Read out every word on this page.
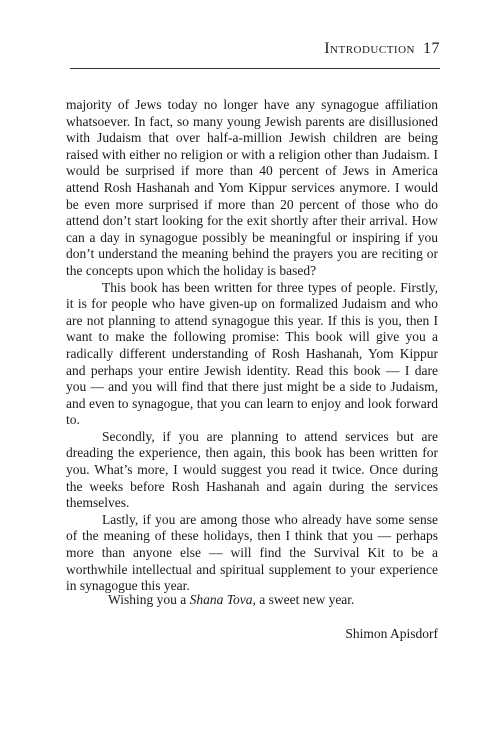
Introduction 17

majority of Jews today no longer have any synagogue affiliation whatsoever. In fact, so many young Jewish parents are disillusioned with Judaism that over half-a-million Jewish children are being raised with either no religion or with a religion other than Judaism. I would be surprised if more than 40 percent of Jews in America attend Rosh Hashanah and Yom Kippur services anymore. I would be even more surprised if more than 20 percent of those who do attend don’t start looking for the exit shortly after their arrival. How can a day in synagogue possibly be meaningful or inspiring if you don’t understand the meaning behind the prayers you are reciting or the concepts upon which the holiday is based?

This book has been written for three types of people. Firstly, it is for people who have given-up on formalized Judaism and who are not planning to attend synagogue this year. If this is you, then I want to make the following promise: This book will give you a radically different understanding of Rosh Hashanah, Yom Kippur and perhaps your entire Jewish identity. Read this book — I dare you — and you will find that there just might be a side to Judaism, and even to synagogue, that you can learn to enjoy and look forward to.

Secondly, if you are planning to attend services but are dreading the experience, then again, this book has been written for you. What’s more, I would suggest you read it twice. Once during the weeks before Rosh Hashanah and again during the services themselves.

Lastly, if you are among those who already have some sense of the meaning of these holidays, then I think that you — perhaps more than anyone else — will find the Survival Kit to be a worthwhile intellectual and spiritual supplement to your experience in synagogue this year.

Wishing you a Shana Tova, a sweet new year.
Shimon Apisdorf
